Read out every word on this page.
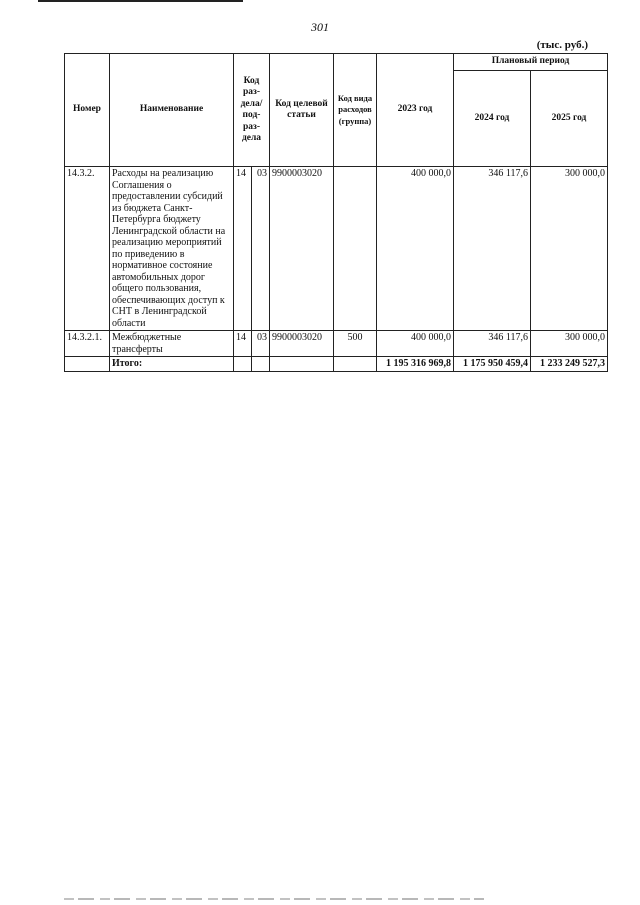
301
(тыс. руб.)
Номер	Наименование	Код раз- дела/ под- раз- дела		Код целевой статьи	Код вида расходов (группа)	2023 год	Плановый период	
							2024 год	2025 год
14.3.2.	Расходы на реализацию Соглашения о предоставлении субсидий из бюджета Санкт-Петербурга бюджету Ленинградской области на реализацию мероприятий по приведению в нормативное состояние автомобильных дорог общего пользования, обеспечивающих доступ к СНТ в Ленинградской области	14	03	9900003020		400 000,0	346 117,6	300 000,0
14.3.2.1.	Межбюджетные трансферты	14	03	9900003020	500	400 000,0	346 117,6	300 000,0
	Итого:					1 195 316 969,8	1 175 950 459,4	1 233 249 527,3
